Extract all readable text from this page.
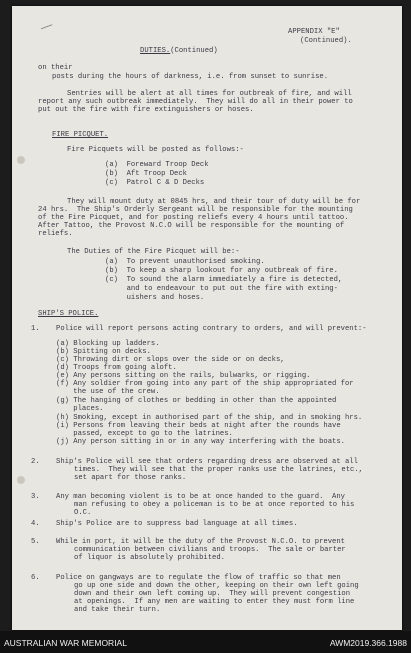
APPENDIX "E"
(Continued).
DUTIES.(Continued)
on their
posts during the hours of darkness, i.e. from sunset to sunrise.
Sentries will be alert at all times for outbreak of fire, and will
report any such outbreak immediately.  They will do all in their power to
put out the fire with fire extinguishers or hoses.
FIRE PICQUET.
Fire Picquets will be posted as follows:-
(a)  Foreward Troop Deck
(b)  Aft Troop Deck
(c)  Patrol C & D Decks
They will mount duty at 0845 hrs, and their tour of duty will be for
24 hrs.  The Ship's Orderly Sergeant will be responsible for the mounting
of the Fire Picquet, and for posting reliefs every 4 hours until tattoo.
After Tattoo, the Provost N.C.O will be responsible for the mounting of
reliefs.
The Duties of the Fire Picquet will be:-
(a)  To prevent unauthorised smoking.
(b)  To keep a sharp lookout for any outbreak of fire.
(c)  To sound the alarm immediately a fire is detected,
and to endeavour to put out the fire with exting-
uishers and hoses.
SHIP'S POLICE.
1. Police will report persons acting contrary to orders, and will prevent:-
(a) Blocking up ladders.
(b) Spitting on decks.
(c) Throwing dirt or slops over the side or on decks,
(d) Troops from going aloft.
(e) Any persons sitting on the rails, bulwarks, or rigging.
(f) Any soldier from going into any part of the ship appropriated for
the use of the crew.
(g) The hanging of clothes or bedding in other than the appointed
places.
(h) Smoking, except in authorised part of the ship, and in smoking hrs.
(i) Persons from leaving their beds at night after the rounds have
passed, except to go to the latrines.
(j) Any person sitting in or in any way interfering with the boats.
2. Ship's Police will see that orders regarding dress are observed at all
times.  They will see that the proper ranks use the latrines, etc.,
set apart for those ranks.
3. Any man becoming violent is to be at once handed to the guard.  Any
man refusing to obey a policeman is to be at once reported to his
O.C.
4. Ship's Police are to suppress bad language at all times.
5. While in port, it will be the duty of the Provost N.C.O. to prevent
communication between civilians and troops.  The sale or barter
of liquor is absolutely prohibited.
6. Police on gangways are to regulate the flow of traffic so that men
go up one side and down the other, keeping on their own left going
down and their own left coming up.  They will prevent congestion
at openings.  If any men are waiting to enter they must form line
and take their turn.
AUSTRALIAN WAR MEMORIAL	AWM2019.366.1988
